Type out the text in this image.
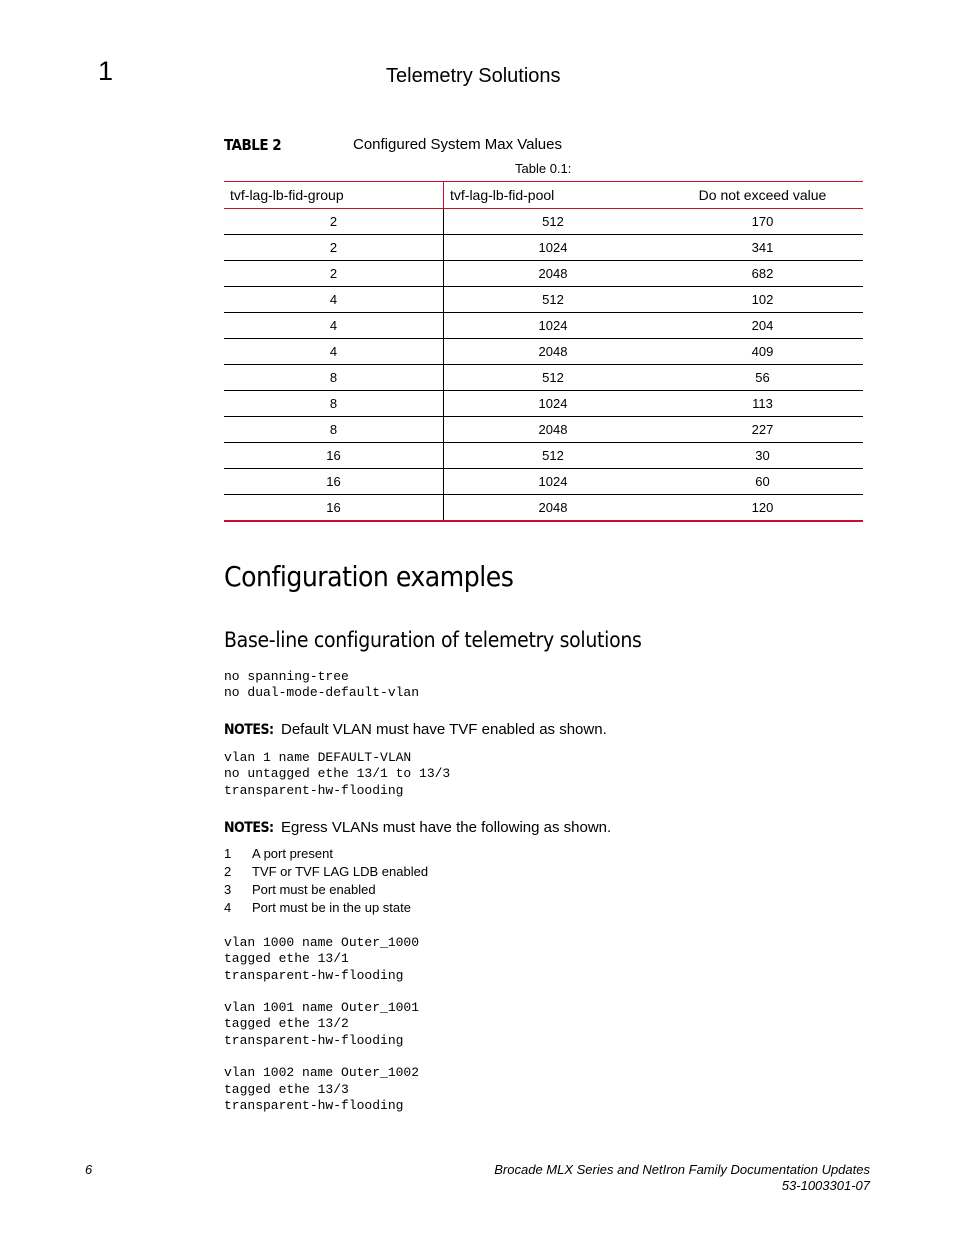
1	Telemetry Solutions
TABLE 2	Configured System Max Values
Table 0.1:
tvf-lag-lb-fid-group	tvf-lag-lb-fid-pool	Do not exceed value
2	512	170
2	1024	341
2	2048	682
4	512	102
4	1024	204
4	2048	409
8	512	56
8	1024	113
8	2048	227
16	512	30
16	1024	60
16	2048	120
Configuration examples
Base-line configuration of telemetry solutions
no spanning-tree
no dual-mode-default-vlan
NOTES: Default VLAN must have TVF enabled as shown.
vlan 1 name DEFAULT-VLAN
no untagged ethe 13/1 to 13/3
transparent-hw-flooding
NOTES: Egress VLANs must have the following as shown.
1 A port present
2 TVF or TVF LAG LDB enabled
3 Port must be enabled
4 Port must be in the up state
vlan 1000 name Outer_1000
tagged ethe 13/1
transparent-hw-flooding

vlan 1001 name Outer_1001
tagged ethe 13/2
transparent-hw-flooding

vlan 1002 name Outer_1002
tagged ethe 13/3
transparent-hw-flooding
6	Brocade MLX Series and NetIron Family Documentation Updates
53-1003301-07
